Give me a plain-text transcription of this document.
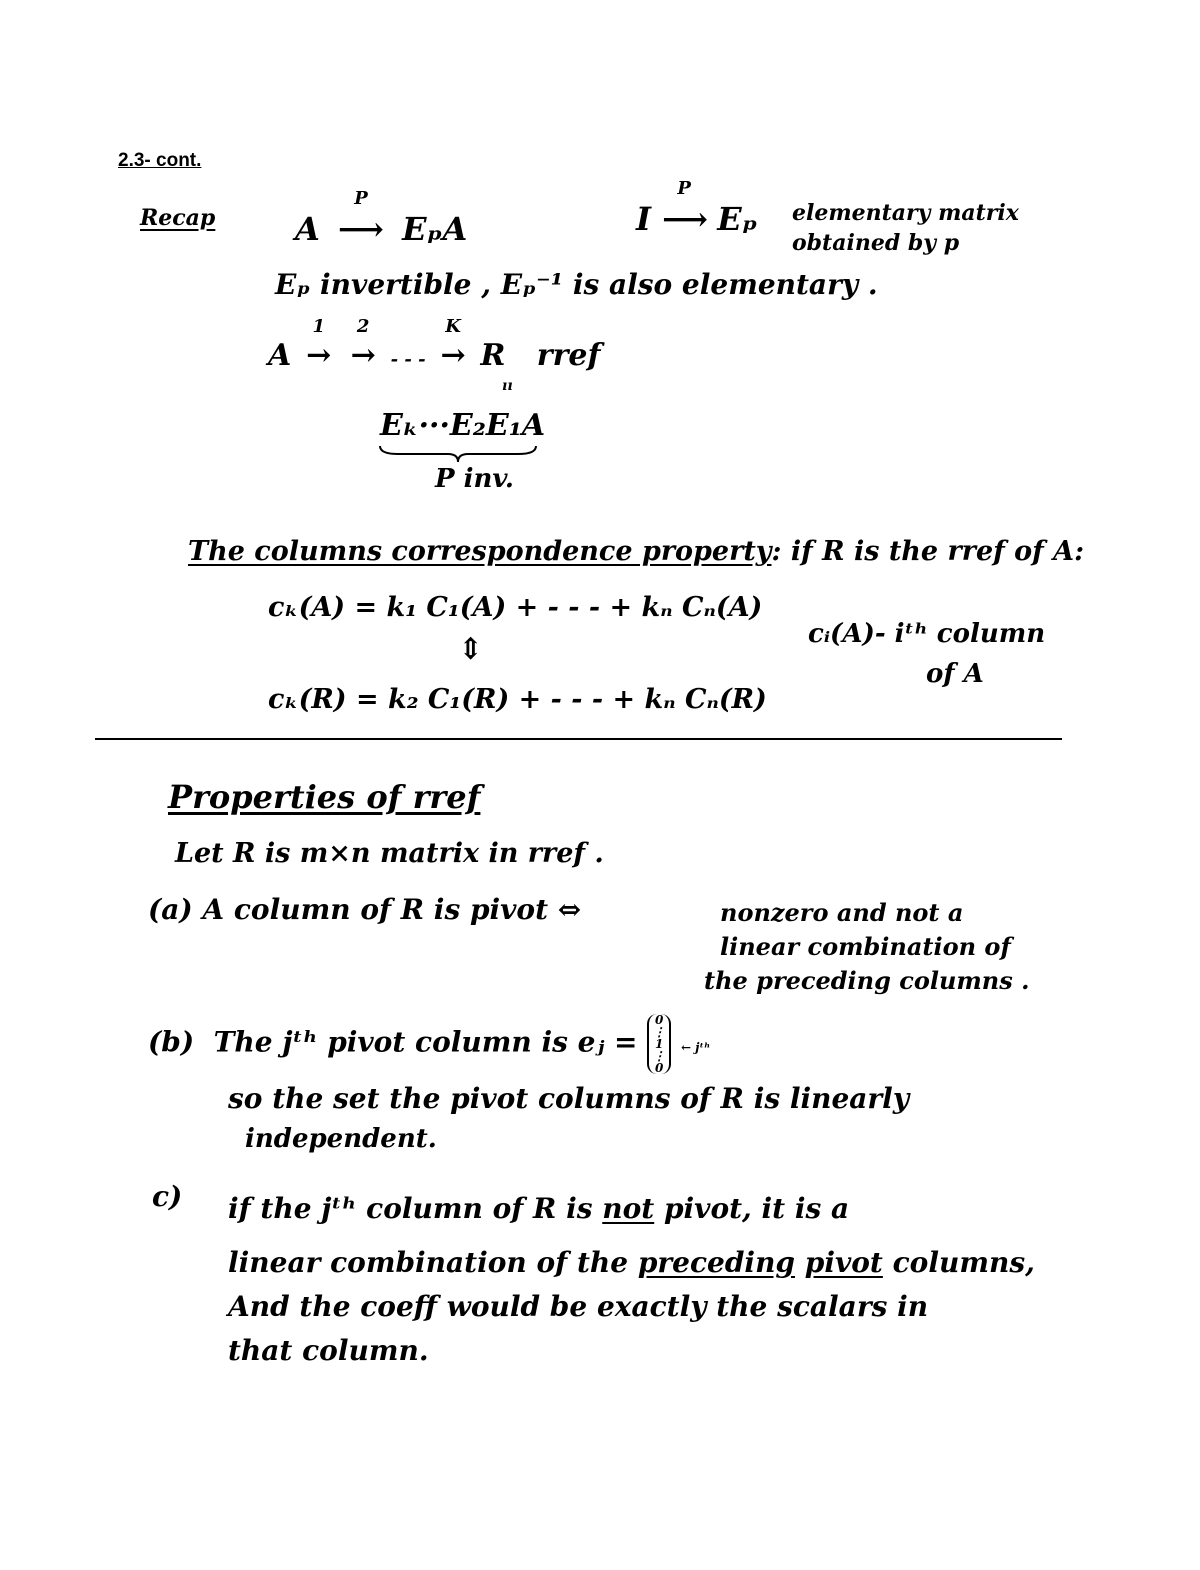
2.3- cont.
Recap A
P
⟶ EₚA	I
P
⟶ Eₚ elementary matrix
obtained by p
Eₚ invertible , Eₚ⁻¹ is also elementary .
A
1
→
2
→ - - -
K
→ R rref
ıı
Eₖ···E₂E₁A
P inv.
The columns correspondence property: if R is the rref of A:
cₖ(A) = k₁ C₁(A) + - - - + kₙ Cₙ(A)
⇕
cₖ(R) = k₂ C₁(R) + - - - + kₙ Cₙ(R)
cᵢ(A)- iᵗʰ column
of A
Properties of rref
Let R is m×n matrix in rref .
(a) A column of R is pivot ⇔	nonzero and not a
linear combination of
the preceding columns .
(b) The jᵗʰ pivot column is eⱼ =
0
⋮
1
⋮
0
← jᵗʰ
so the set the pivot columns of R is linearly
independent.
c) if the jᵗʰ column of R is not pivot, it is a
linear combination of the preceding pivot columns,
And the coeff would be exactly the scalars in
that column.
